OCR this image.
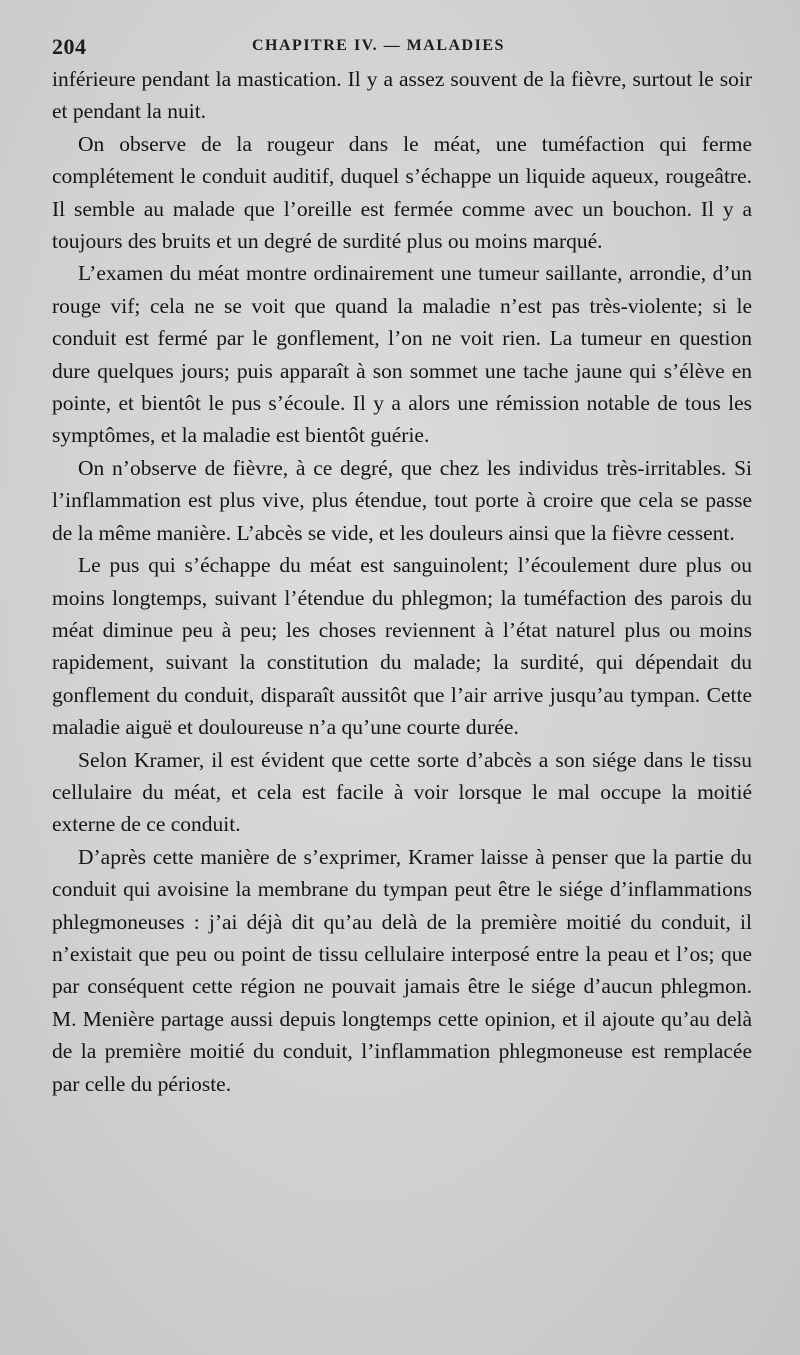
204	CHAPITRE IV. — MALADIES

inférieure pendant la mastication. Il y a assez souvent de la fièvre, surtout le soir et pendant la nuit.

On observe de la rougeur dans le méat, une tuméfaction qui ferme complétement le conduit auditif, duquel s’échappe un liquide aqueux, rougeâtre. Il semble au malade que l’oreille est fermée comme avec un bouchon. Il y a toujours des bruits et un degré de surdité plus ou moins marqué.

L’examen du méat montre ordinairement une tumeur saillante, arrondie, d’un rouge vif; cela ne se voit que quand la maladie n’est pas très-violente; si le conduit est fermé par le gonflement, l’on ne voit rien. La tumeur en question dure quelques jours; puis apparaît à son sommet une tache jaune qui s’élève en pointe, et bientôt le pus s’écoule. Il y a alors une rémission notable de tous les symptômes, et la maladie est bientôt guérie.

On n’observe de fièvre, à ce degré, que chez les individus très-irritables. Si l’inflammation est plus vive, plus étendue, tout porte à croire que cela se passe de la même manière. L’abcès se vide, et les douleurs ainsi que la fièvre cessent.

Le pus qui s’échappe du méat est sanguinolent; l’écoulement dure plus ou moins longtemps, suivant l’étendue du phlegmon; la tuméfaction des parois du méat diminue peu à peu; les choses reviennent à l’état naturel plus ou moins rapidement, suivant la constitution du malade; la surdité, qui dépendait du gonflement du conduit, disparaît aussitôt que l’air arrive jusqu’au tympan. Cette maladie aiguë et douloureuse n’a qu’une courte durée.

Selon Kramer, il est évident que cette sorte d’abcès a son siége dans le tissu cellulaire du méat, et cela est facile à voir lorsque le mal occupe la moitié externe de ce conduit.

D’après cette manière de s’exprimer, Kramer laisse à penser que la partie du conduit qui avoisine la membrane du tympan peut être le siége d’inflammations phlegmoneuses : j’ai déjà dit qu’au delà de la première moitié du conduit, il n’existait que peu ou point de tissu cellulaire interposé entre la peau et l’os; que par conséquent cette région ne pouvait jamais être le siége d’aucun phlegmon. M. Menière partage aussi depuis longtemps cette opinion, et il ajoute qu’au delà de la première moitié du conduit, l’inflammation phlegmoneuse est remplacée par celle du périoste.
